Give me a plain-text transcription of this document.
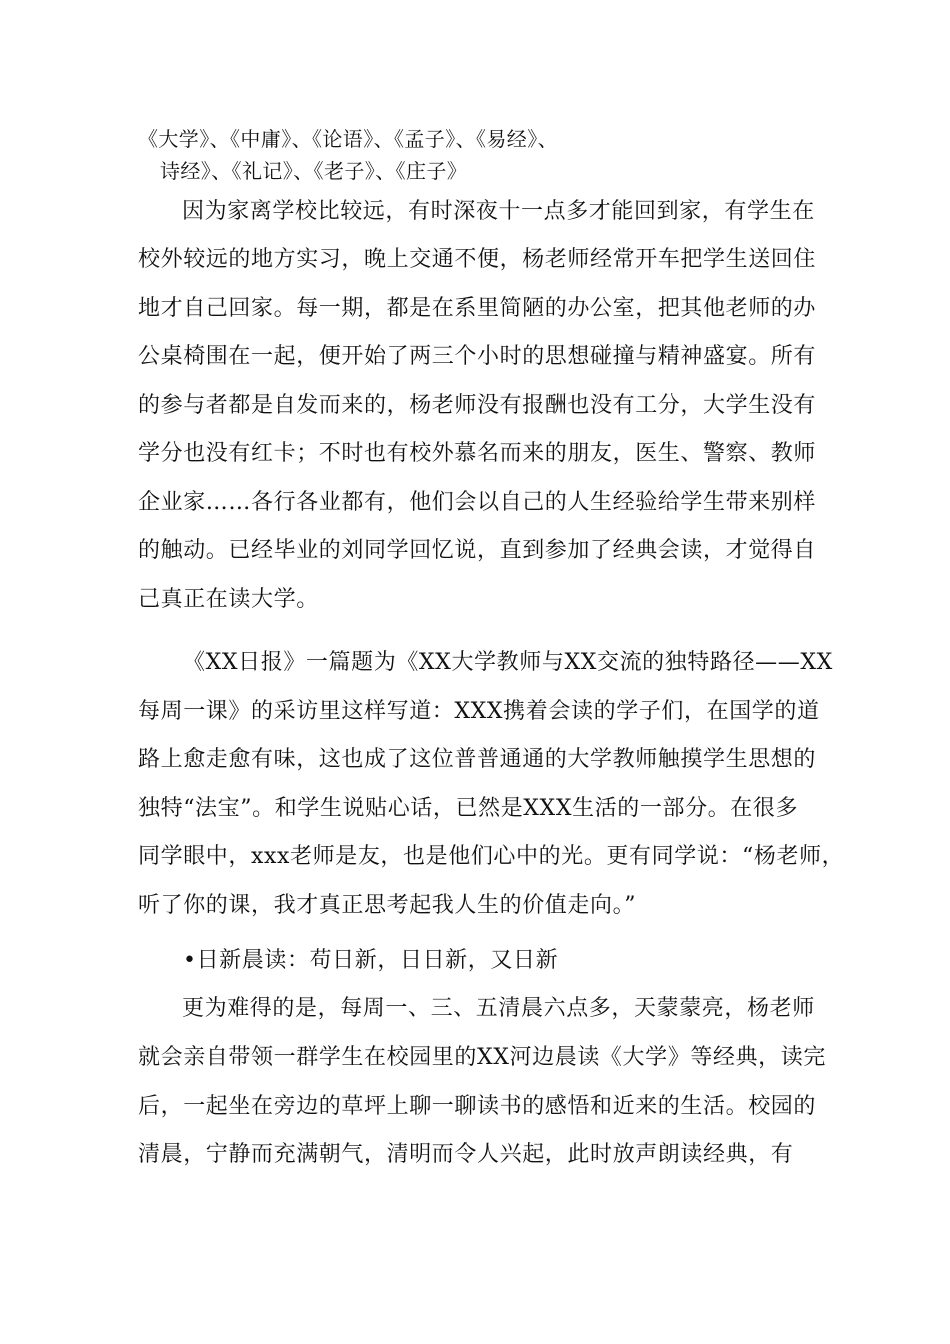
《大学》、《中庸》、《论语》、《孟子》、《易经》、
诗经》、《礼记》、《老子》、《庄子》
因为家离学校比较远，有时深夜十一点多才能回到家，有学生在
校外较远的地方实习，晚上交通不便，杨老师经常开车把学生送回住
地才自己回家。每一期，都是在系里简陋的办公室，把其他老师的办
公桌椅围在一起，便开始了两三个小时的思想碰撞与精神盛宴。所有
的参与者都是自发而来的，杨老师没有报酬也没有工分，大学生没有
学分也没有红卡；不时也有校外慕名而来的朋友，医生、警察、教师
企业家……各行各业都有，他们会以自己的人生经验给学生带来别样
的触动。已经毕业的刘同学回忆说，直到参加了经典会读，才觉得自
己真正在读大学。
《XX日报》一篇题为《XX大学教师与XX交流的独特路径——XX
每周一课》的采访里这样写道：XXX携着会读的学子们，在国学的道
路上愈走愈有味，这也成了这位普普通通的大学教师触摸学生思想的
独特“法宝”。和学生说贴心话，已然是XXX生活的一部分。在很多
同学眼中，xxx老师是友，也是他们心中的光。更有同学说：“杨老师，
听了你的课，我才真正思考起我人生的价值走向。”
•日新晨读：苟日新，日日新，又日新
更为难得的是，每周一、三、五清晨六点多，天蒙蒙亮，杨老师
就会亲自带领一群学生在校园里的XX河边晨读《大学》等经典，读完
后，一起坐在旁边的草坪上聊一聊读书的感悟和近来的生活。校园的
清晨，宁静而充满朝气，清明而令人兴起，此时放声朗读经典，有
